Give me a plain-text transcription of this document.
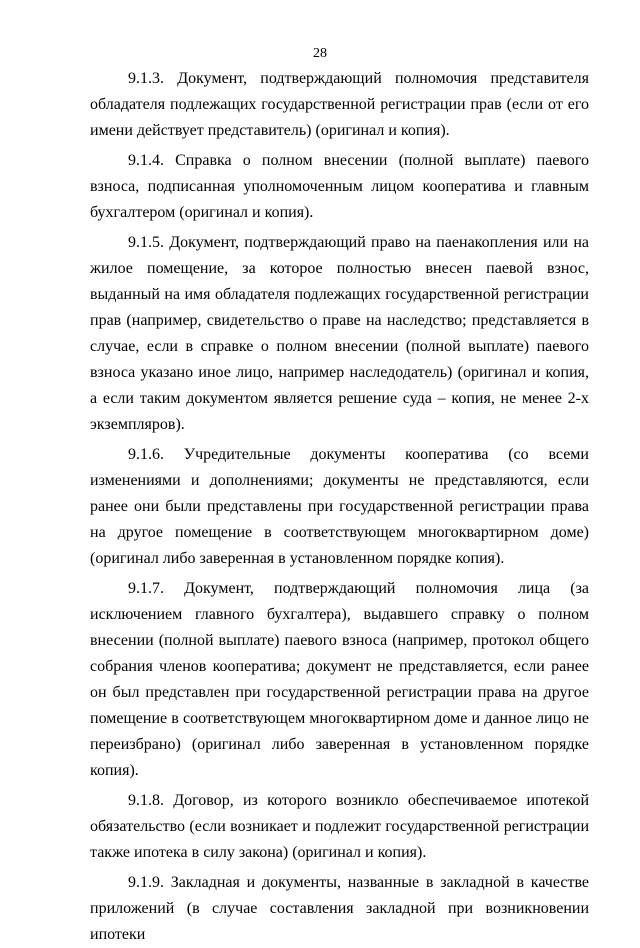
28

9.1.3. Документ, подтверждающий полномочия представителя обладателя подлежащих государственной регистрации прав (если от его имени действует представитель) (оригинал и копия).

9.1.4. Справка о полном внесении (полной выплате) паевого взноса, подписанная уполномоченным лицом кооператива и главным бухгалтером (оригинал и копия).

9.1.5. Документ, подтверждающий право на паенакопления или на жилое помещение, за которое полностью внесен паевой взнос, выданный на имя обладателя подлежащих государственной регистрации прав (например, свидетельство о праве на наследство; представляется в случае, если в справке о полном внесении (полной выплате) паевого взноса указано иное лицо, например наследодатель) (оригинал и копия, а если таким документом является решение суда – копия, не менее 2-х экземпляров).

9.1.6. Учредительные документы кооператива (со всеми изменениями и дополнениями; документы не представляются, если ранее они были представлены при государственной регистрации права на другое помещение в соответствующем многоквартирном доме) (оригинал либо заверенная в установленном порядке копия).

9.1.7. Документ, подтверждающий полномочия лица (за исключением главного бухгалтера), выдавшего справку о полном внесении (полной выплате) паевого взноса (например, протокол общего собрания членов кооператива; документ не представляется, если ранее он был представлен при государственной регистрации права на другое помещение в соответствующем многоквартирном доме и данное лицо не переизбрано) (оригинал либо заверенная в установленном порядке копия).

9.1.8. Договор, из которого возникло обеспечиваемое ипотекой обязательство (если возникает и подлежит государственной регистрации также ипотека в силу закона) (оригинал и копия).

9.1.9. Закладная и документы, названные в закладной в качестве приложений (в случае составления закладной при возникновении ипотеки
